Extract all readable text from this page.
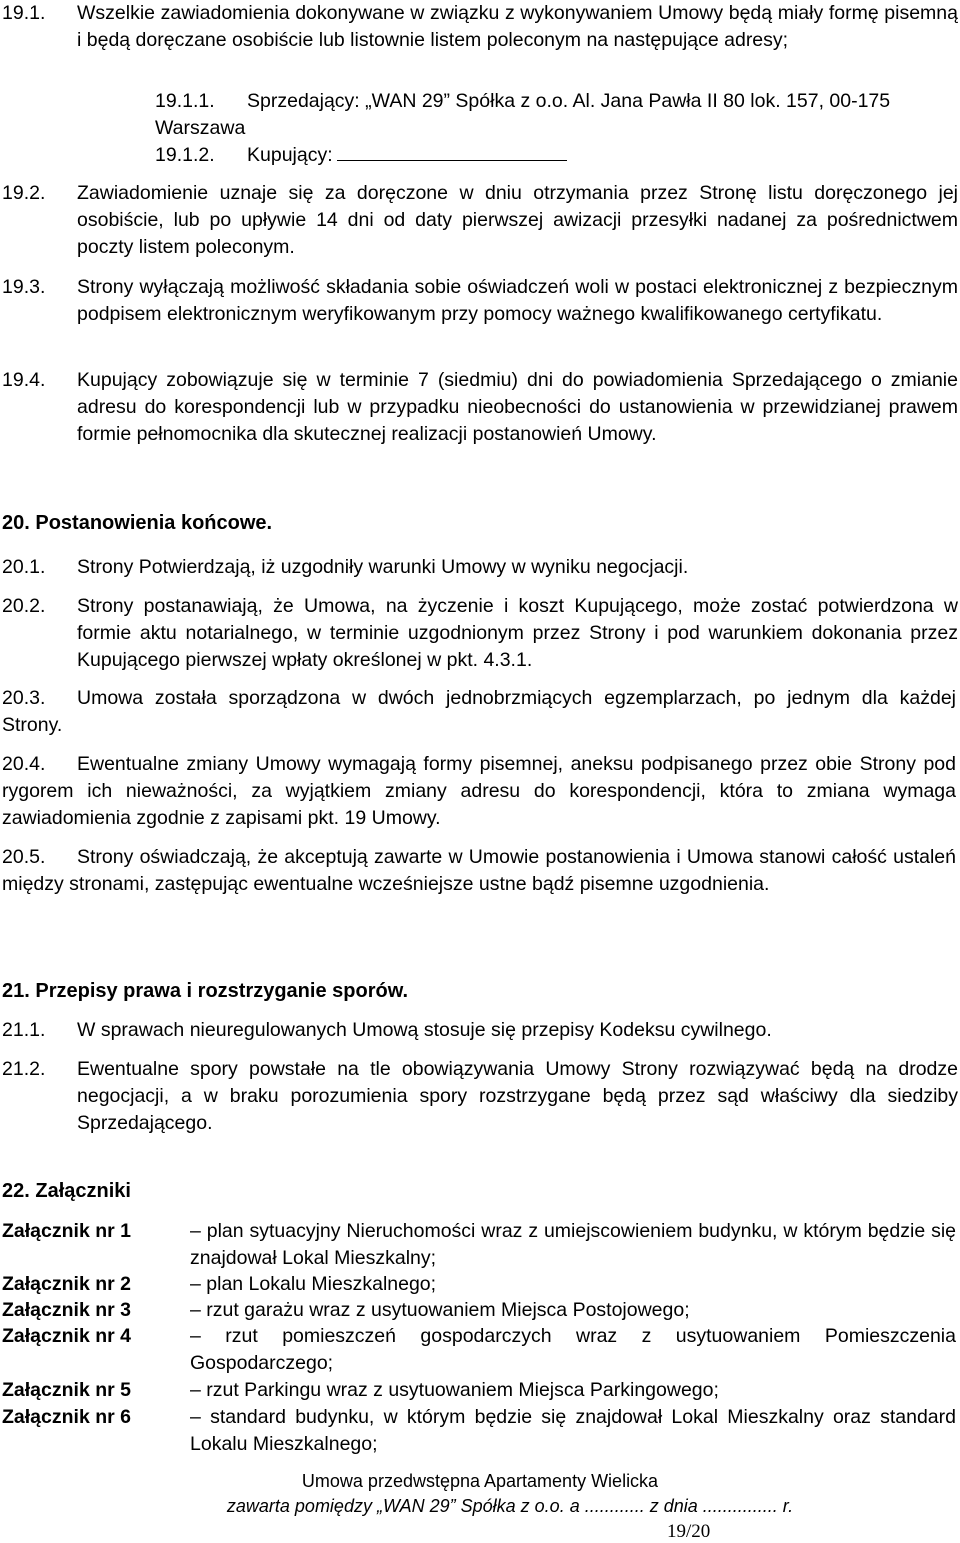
19.1. Wszelkie zawiadomienia dokonywane w związku z wykonywaniem Umowy będą miały formę pisemną i będą doręczane osobiście lub listownie listem poleconym na następujące adresy;
19.1.1. Sprzedający: „WAN 29” Spółka z o.o. Al. Jana Pawła II 80 lok. 157, 00-175 Warszawa
19.1.2. Kupujący:
19.2. Zawiadomienie uznaje się za doręczone w dniu otrzymania przez Stronę listu doręczonego jej osobiście, lub po upływie 14 dni od daty pierwszej awizacji przesyłki nadanej za pośrednictwem poczty listem poleconym.
19.3. Strony wyłączają możliwość składania sobie oświadczeń woli w postaci elektronicznej z bezpiecznym podpisem elektronicznym weryfikowanym przy pomocy ważnego kwalifikowanego certyfikatu.
19.4. Kupujący zobowiązuje się w terminie 7 (siedmiu) dni do powiadomienia Sprzedającego o zmianie adresu do korespondencji lub w przypadku nieobecności do ustanowienia w przewidzianej prawem formie pełnomocnika dla skutecznej realizacji postanowień Umowy.
20. Postanowienia końcowe.
20.1. Strony Potwierdzają, iż uzgodniły warunki Umowy w wyniku negocjacji.
20.2. Strony postanawiają, że Umowa, na życzenie i koszt Kupującego, może zostać potwierdzona w formie aktu notarialnego, w terminie uzgodnionym przez Strony i pod warunkiem dokonania przez Kupującego pierwszej wpłaty określonej w pkt. 4.3.1.
20.3. Umowa została sporządzona w dwóch jednobrzmiących egzemplarzach, po jednym dla każdej Strony.
20.4. Ewentualne zmiany Umowy wymagają formy pisemnej, aneksu podpisanego przez obie Strony pod rygorem ich nieważności, za wyjątkiem zmiany adresu do korespondencji, która to zmiana wymaga zawiadomienia zgodnie z zapisami pkt. 19 Umowy.
20.5. Strony oświadczają, że akceptują zawarte w Umowie postanowienia i Umowa stanowi całość ustaleń między stronami, zastępując ewentualne wcześniejsze ustne bądź pisemne uzgodnienia.
21. Przepisy prawa i rozstrzyganie sporów.
21.1. W sprawach nieuregulowanych Umową stosuje się przepisy Kodeksu cywilnego.
21.2. Ewentualne spory powstałe na tle obowiązywania Umowy Strony rozwiązywać będą na drodze negocjacji, a w braku porozumienia spory rozstrzygane będą przez sąd właściwy dla siedziby Sprzedającego.
22. Załączniki
Załącznik nr 1	– plan sytuacyjny Nieruchomości wraz z umiejscowieniem budynku, w którym będzie się znajdował Lokal Mieszkalny;
Załącznik nr 2	– plan Lokalu Mieszkalnego;
Załącznik nr 3	– rzut garażu wraz z usytuowaniem Miejsca Postojowego;
Załącznik nr 4	– rzut pomieszczeń gospodarczych wraz z usytuowaniem Pomieszczenia Gospodarczego;
Załącznik nr 5	– rzut Parkingu wraz z usytuowaniem Miejsca Parkingowego;
Załącznik nr 6	– standard budynku, w którym będzie się znajdował Lokal Mieszkalny oraz standard Lokalu Mieszkalnego;
Umowa przedwstępna Apartamenty Wielicka
zawarta pomiędzy „WAN 29” Spółka z o.o. a ............ z dnia ............... r.
19/20
